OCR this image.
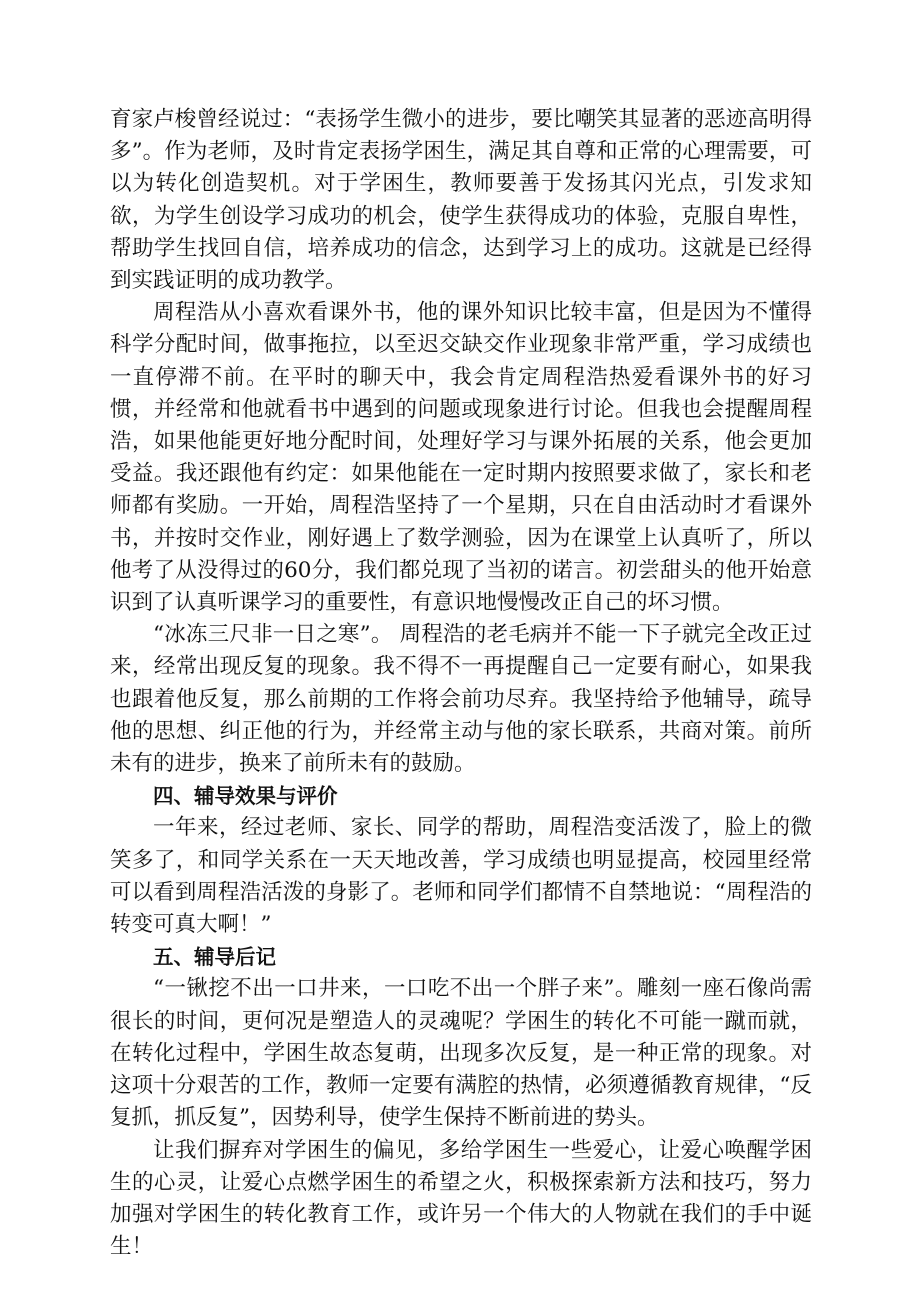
育家卢梭曾经说过：“表扬学生微小的进步，要比嘲笑其显著的恶迹高明得多”。作为老师，及时肯定表扬学困生，满足其自尊和正常的心理需要，可以为转化创造契机。对于学困生，教师要善于发扬其闪光点，引发求知欲，为学生创设学习成功的机会，使学生获得成功的体验，克服自卑性，帮助学生找回自信，培养成功的信念，达到学习上的成功。这就是已经得到实践证明的成功教学。

周程浩从小喜欢看课外书，他的课外知识比较丰富，但是因为不懂得科学分配时间，做事拖拉，以至迟交缺交作业现象非常严重，学习成绩也一直停滞不前。在平时的聊天中，我会肯定周程浩热爱看课外书的好习惯，并经常和他就看书中遇到的问题或现象进行讨论。但我也会提醒周程浩，如果他能更好地分配时间，处理好学习与课外拓展的关系，他会更加受益。我还跟他有约定：如果他能在一定时期内按照要求做了，家长和老师都有奖励。一开始，周程浩坚持了一个星期，只在自由活动时才看课外书，并按时交作业，刚好遇上了数学测验，因为在课堂上认真听了，所以他考了从没得过的60分，我们都兑现了当初的诺言。初尝甜头的他开始意识到了认真听课学习的重要性，有意识地慢慢改正自己的坏习惯。

“冰冻三尺非一日之寒”。 周程浩的老毛病并不能一下子就完全改正过来，经常出现反复的现象。我不得不一再提醒自己一定要有耐心，如果我也跟着他反复，那么前期的工作将会前功尽弃。我坚持给予他辅导，疏导他的思想、纠正他的行为，并经常主动与他的家长联系，共商对策。前所未有的进步，换来了前所未有的鼓励。

四、辅导效果与评价

一年来，经过老师、家长、同学的帮助，周程浩变活泼了，脸上的微笑多了，和同学关系在一天天地改善，学习成绩也明显提高，校园里经常可以看到周程浩活泼的身影了。老师和同学们都情不自禁地说：“周程浩的转变可真大啊！”

五、辅导后记

“一锹挖不出一口井来，一口吃不出一个胖子来”。雕刻一座石像尚需很长的时间，更何况是塑造人的灵魂呢？学困生的转化不可能一蹴而就，在转化过程中，学困生故态复萌，出现多次反复，是一种正常的现象。对这项十分艰苦的工作，教师一定要有满腔的热情，必须遵循教育规律，“反复抓，抓反复”，因势利导，使学生保持不断前进的势头。

让我们摒弃对学困生的偏见，多给学困生一些爱心，让爱心唤醒学困生的心灵，让爱心点燃学困生的希望之火，积极探索新方法和技巧，努力加强对学困生的转化教育工作，或许另一个伟大的人物就在我们的手中诞生！
